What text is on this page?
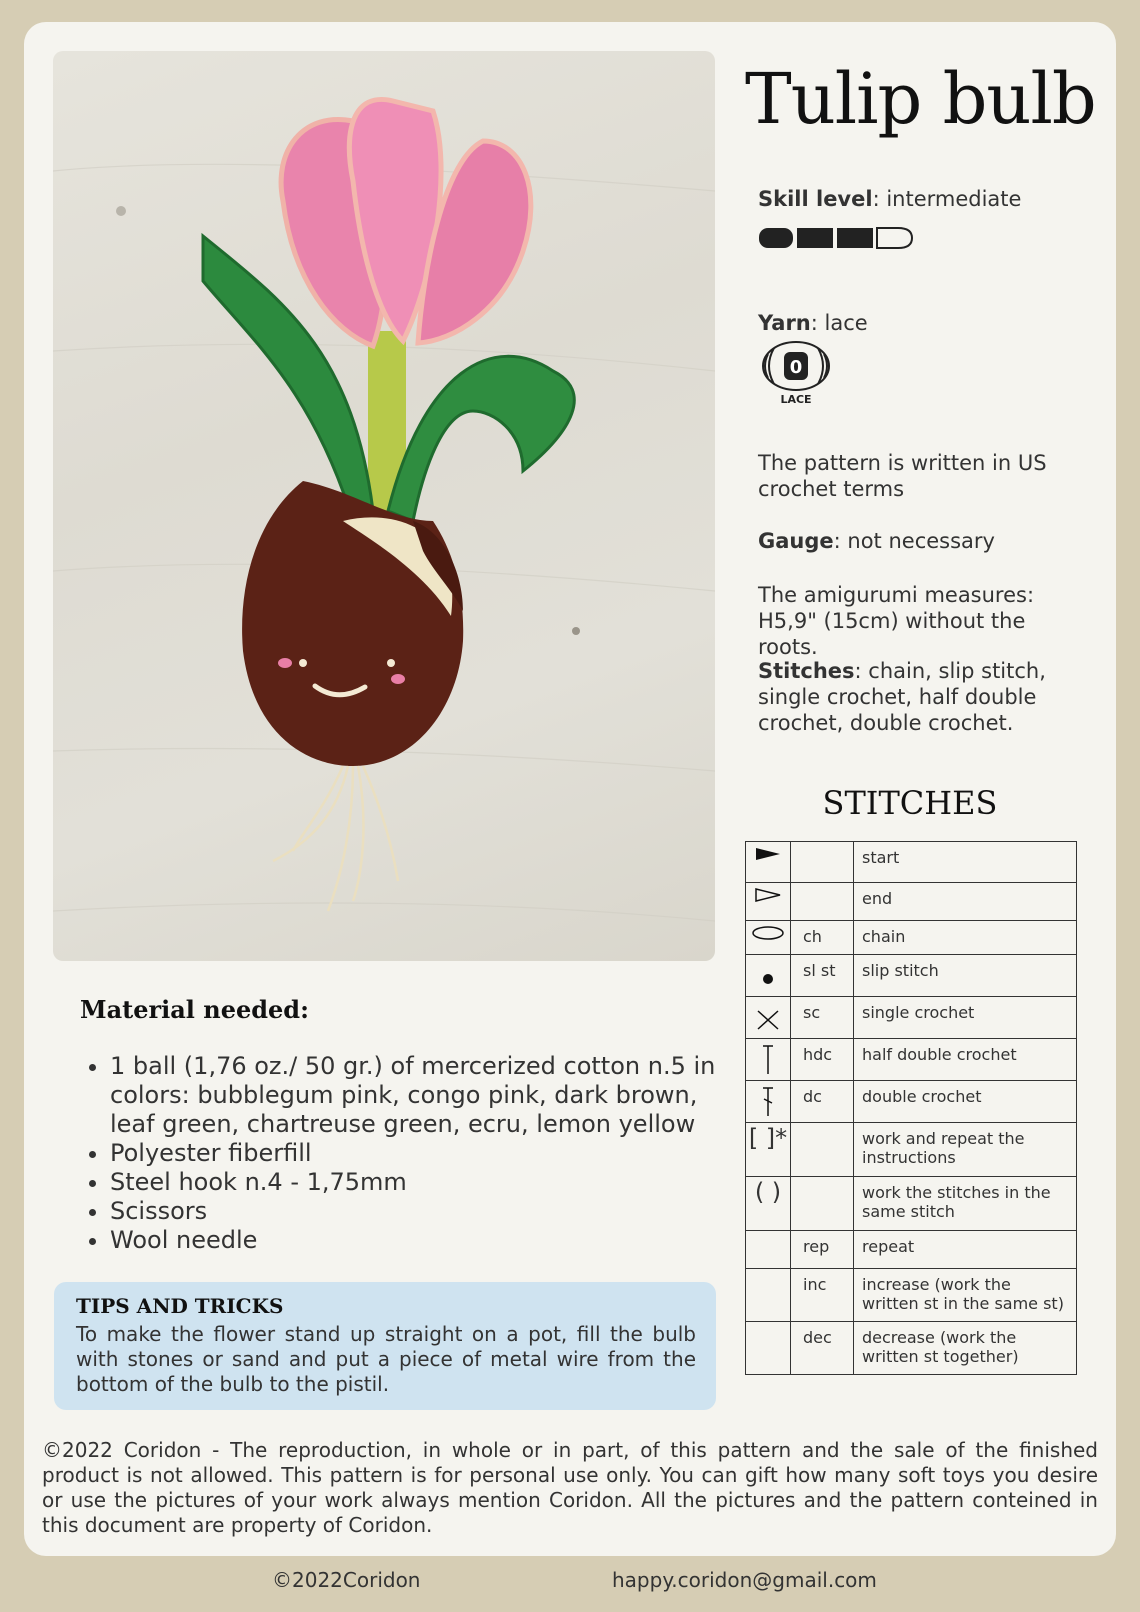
Tulip bulb
Skill level: intermediate
Yarn: lace
0
LACE
The pattern is written in US crochet terms
Gauge: not necessary
The amigurumi measures: H5,9" (15cm) without the roots.
Stitches: chain, slip stitch, single crochet, half double crochet, double crochet.
STITCHES
		start
		end
	ch	chain
	sl st	slip stitch
	sc	single crochet
	hdc	half double crochet
	dc	double crochet
[ ]*		work and repeat the instructions
( )		work the stitches in the same stitch
	rep	repeat
	inc	increase (work the written st in the same st)
	dec	decrease (work the written st together)
Material needed:
• 1 ball (1,76 oz./ 50 gr.) of mercerized cotton n.5 in colors: bubblegum pink, congo pink, dark brown, leaf green, chartreuse green, ecru, lemon yellow
• Polyester fiberfill
• Steel hook n.4 - 1,75mm
• Scissors
• Wool needle
TIPS AND TRICKS
To make the flower stand up straight on a pot, fill the bulb with stones or sand and put a piece of metal wire from the bottom of the bulb to the pistil.
©2022 Coridon - The reproduction, in whole or in part, of this pattern and the sale of the finished product is not allowed. This pattern is for personal use only. You can gift how many soft toys you desire or use the pictures of your work always mention Coridon. All the pictures and the pattern conteined in this document are property of Coridon.
©2022Coridon	happy.coridon@gmail.com
